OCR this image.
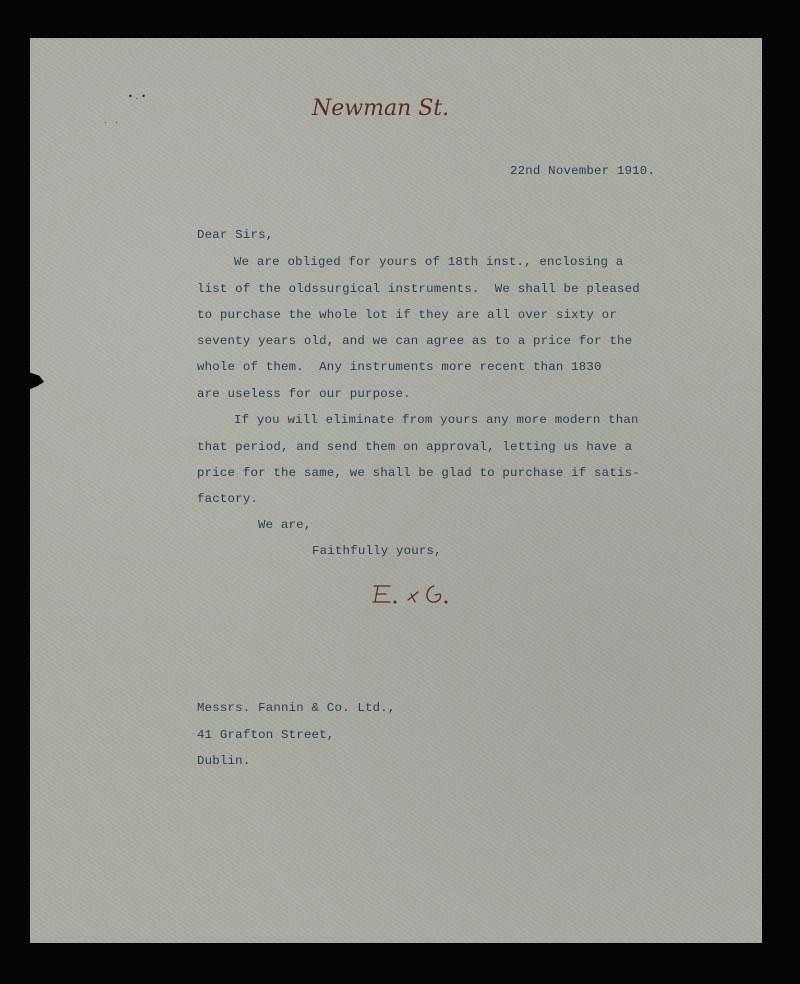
•.•
. .	Newman St.
22nd November 1910.
Dear Sirs,
We are obliged for yours of 18th inst., enclosing a
list of the oldssurgical instruments.  We shall be pleased
to purchase the whole lot if they are all over sixty or
seventy years old, and we can agree as to a price for the
whole of them.  Any instruments more recent than 1830
are useless for our purpose.
If you will eliminate from yours any more modern than
that period, and send them on approval, letting us have a
price for the same, we shall be glad to purchase if satis-
factory.
We are,
Faithfully yours,
Messrs. Fannin & Co. Ltd.,
41 Grafton Street,
Dublin.
